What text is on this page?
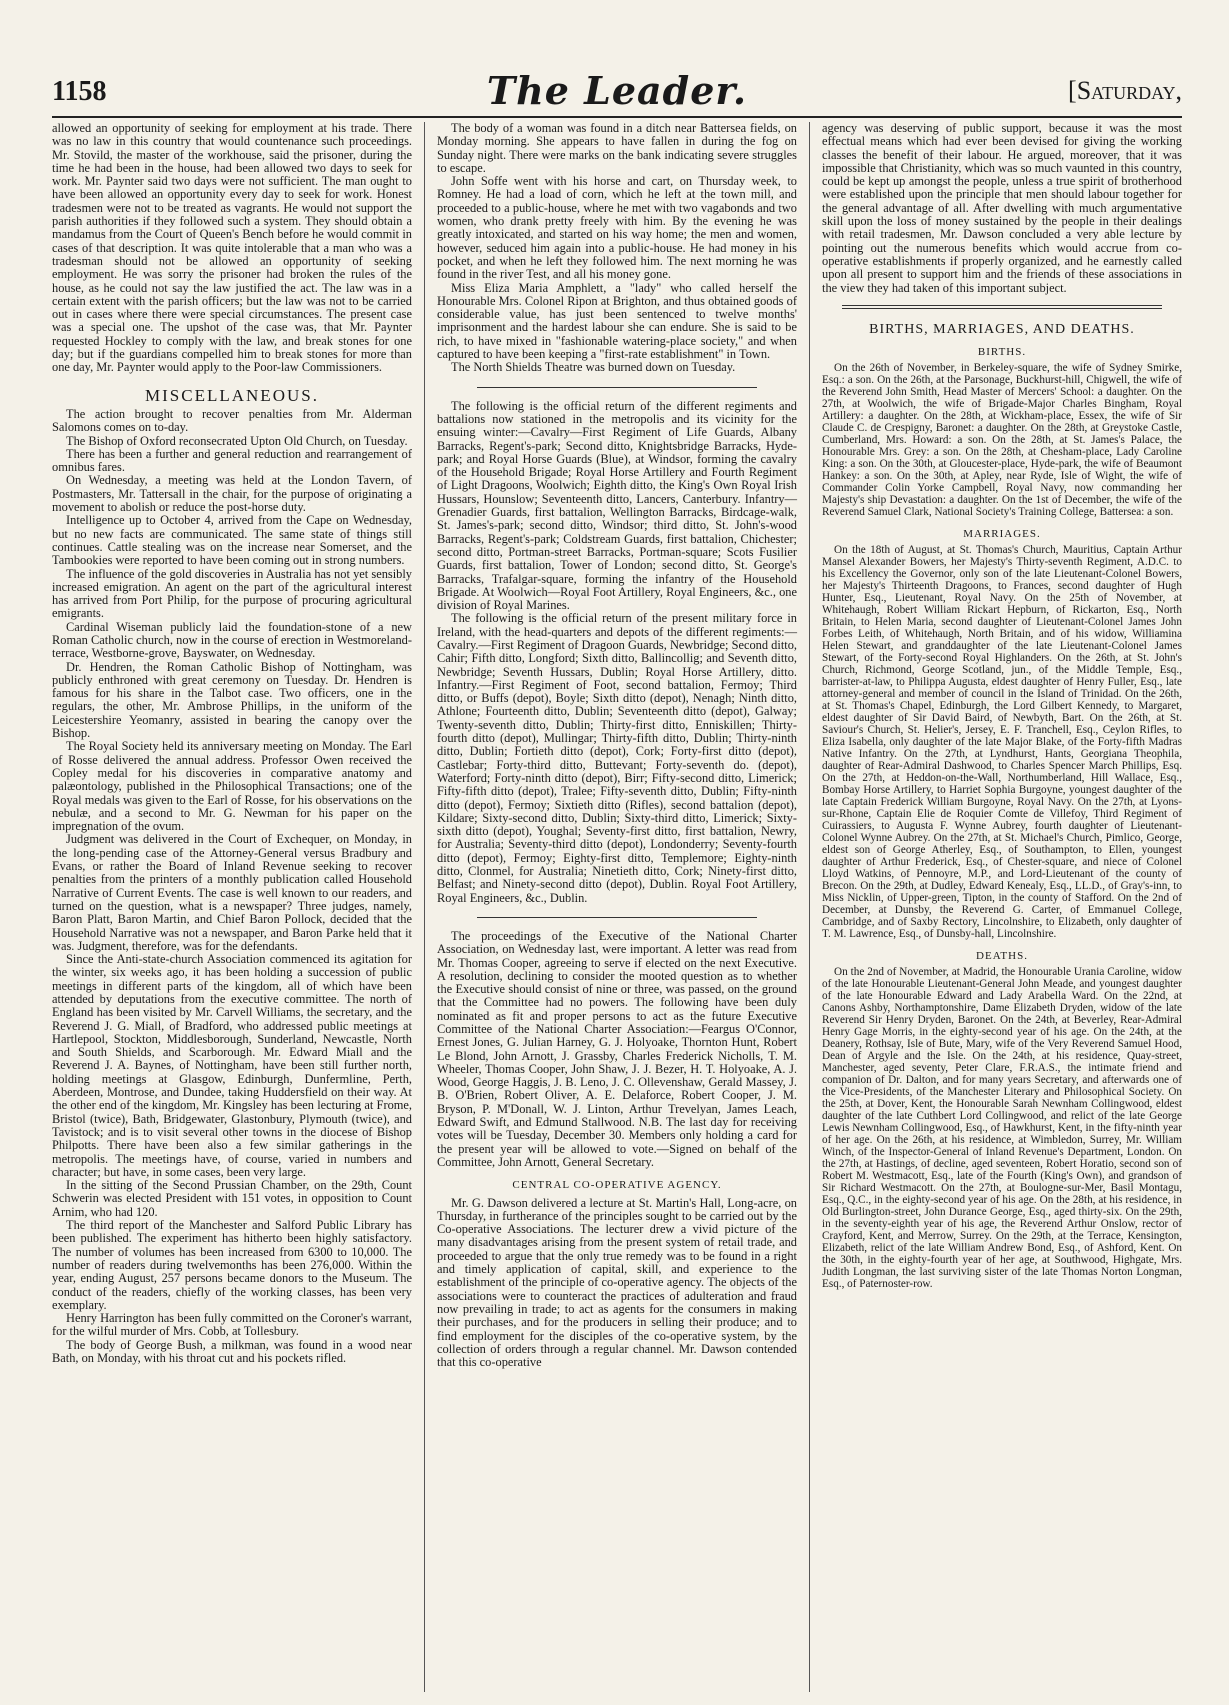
1158	The Leader.	[Saturday,

allowed an opportunity of seeking for employment at his trade. There was no law in this country that would countenance such proceedings. Mr. Stovild, the master of the workhouse, said the prisoner, during the time he had been in the house, had been allowed two days to seek for work. Mr. Paynter said two days were not sufficient. The man ought to have been allowed an opportunity every day to seek for work. Honest tradesmen were not to be treated as vagrants. He would not support the parish authorities if they followed such a system. They should obtain a mandamus from the Court of Queen's Bench before he would commit in cases of that description. It was quite intolerable that a man who was a tradesman should not be allowed an opportunity of seeking employment. He was sorry the prisoner had broken the rules of the house, as he could not say the law justified the act. The law was in a certain extent with the parish officers; but the law was not to be carried out in cases where there were special circumstances. The present case was a special one. The upshot of the case was, that Mr. Paynter requested Hockley to comply with the law, and break stones for one day; but if the guardians compelled him to break stones for more than one day, Mr. Paynter would apply to the Poor-law Commissioners.

MISCELLANEOUS.

The action brought to recover penalties from Mr. Alderman Salomons comes on to-day.

The Bishop of Oxford reconsecrated Upton Old Church, on Tuesday.

There has been a further and general reduction and rearrangement of omnibus fares.

On Wednesday, a meeting was held at the London Tavern, of Postmasters, Mr. Tattersall in the chair, for the purpose of originating a movement to abolish or reduce the post-horse duty.

Intelligence up to October 4, arrived from the Cape on Wednesday, but no new facts are communicated. The same state of things still continues. Cattle stealing was on the increase near Somerset, and the Tambookies were reported to have been coming out in strong numbers.

The influence of the gold discoveries in Australia has not yet sensibly increased emigration. An agent on the part of the agricultural interest has arrived from Port Philip, for the purpose of procuring agricultural emigrants.

Cardinal Wiseman publicly laid the foundation-stone of a new Roman Catholic church, now in the course of erection in Westmoreland-terrace, Westborne-grove, Bayswater, on Wednesday.

Dr. Hendren, the Roman Catholic Bishop of Nottingham, was publicly enthroned with great ceremony on Tuesday. Dr. Hendren is famous for his share in the Talbot case. Two officers, one in the regulars, the other, Mr. Ambrose Phillips, in the uniform of the Leicestershire Yeomanry, assisted in bearing the canopy over the Bishop.

The Royal Society held its anniversary meeting on Monday. The Earl of Rosse delivered the annual address. Professor Owen received the Copley medal for his discoveries in comparative anatomy and palæontology, published in the Philosophical Transactions; one of the Royal medals was given to the Earl of Rosse, for his observations on the nebulæ, and a second to Mr. G. Newman for his paper on the impregnation of the ovum.

Judgment was delivered in the Court of Exchequer, on Monday, in the long-pending case of the Attorney-General versus Bradbury and Evans, or rather the Board of Inland Revenue seeking to recover penalties from the printers of a monthly publication called Household Narrative of Current Events. The case is well known to our readers, and turned on the question, what is a newspaper? Three judges, namely, Baron Platt, Baron Martin, and Chief Baron Pollock, decided that the Household Narrative was not a newspaper, and Baron Parke held that it was. Judgment, therefore, was for the defendants.

Since the Anti-state-church Association commenced its agitation for the winter, six weeks ago, it has been holding a succession of public meetings in different parts of the kingdom, all of which have been attended by deputations from the executive committee. The north of England has been visited by Mr. Carvell Williams, the secretary, and the Reverend J. G. Miall, of Bradford, who addressed public meetings at Hartlepool, Stockton, Middlesborough, Sunderland, Newcastle, North and South Shields, and Scarborough. Mr. Edward Miall and the Reverend J. A. Baynes, of Nottingham, have been still further north, holding meetings at Glasgow, Edinburgh, Dunfermline, Perth, Aberdeen, Montrose, and Dundee, taking Huddersfield on their way. At the other end of the kingdom, Mr. Kingsley has been lecturing at Frome, Bristol (twice), Bath, Bridgewater, Glastonbury, Plymouth (twice), and Tavistock; and is to visit several other towns in the diocese of Bishop Philpotts. There have been also a few similar gatherings in the metropolis. The meetings have, of course, varied in numbers and character; but have, in some cases, been very large.

In the sitting of the Second Prussian Chamber, on the 29th, Count Schwerin was elected President with 151 votes, in opposition to Count Arnim, who had 120.

The third report of the Manchester and Salford Public Library has been published. The experiment has hitherto been highly satisfactory. The number of volumes has been increased from 6300 to 10,000. The number of readers during twelvemonths has been 276,000. Within the year, ending August, 257 persons became donors to the Museum. The conduct of the readers, chiefly of the working classes, has been very exemplary.

Henry Harrington has been fully committed on the Coroner's warrant, for the wilful murder of Mrs. Cobb, at Tollesbury.

The body of George Bush, a milkman, was found in a wood near Bath, on Monday, with his throat cut and his pockets rifled.

The body of a woman was found in a ditch near Battersea fields, on Monday morning. She appears to have fallen in during the fog on Sunday night. There were marks on the bank indicating severe struggles to escape.

John Soffe went with his horse and cart, on Thursday week, to Romney. He had a load of corn, which he left at the town mill, and proceeded to a public-house, where he met with two vagabonds and two women, who drank pretty freely with him. By the evening he was greatly intoxicated, and started on his way home; the men and women, however, seduced him again into a public-house. He had money in his pocket, and when he left they followed him. The next morning he was found in the river Test, and all his money gone.

Miss Eliza Maria Amphlett, a "lady" who called herself the Honourable Mrs. Colonel Ripon at Brighton, and thus obtained goods of considerable value, has just been sentenced to twelve months' imprisonment and the hardest labour she can endure. She is said to be rich, to have mixed in "fashionable watering-place society," and when captured to have been keeping a "first-rate establishment" in Town.

The North Shields Theatre was burned down on Tuesday.

The following is the official return of the different regiments and battalions now stationed in the metropolis and its vicinity for the ensuing winter:—Cavalry—First Regiment of Life Guards, Albany Barracks, Regent's-park; Second ditto, Knightsbridge Barracks, Hyde-park; and Royal Horse Guards (Blue), at Windsor, forming the cavalry of the Household Brigade; Royal Horse Artillery and Fourth Regiment of Light Dragoons, Woolwich; Eighth ditto, the King's Own Royal Irish Hussars, Hounslow; Seventeenth ditto, Lancers, Canterbury. Infantry—Grenadier Guards, first battalion, Wellington Barracks, Birdcage-walk, St. James's-park; second ditto, Windsor; third ditto, St. John's-wood Barracks, Regent's-park; Coldstream Guards, first battalion, Chichester; second ditto, Portman-street Barracks, Portman-square; Scots Fusilier Guards, first battalion, Tower of London; second ditto, St. George's Barracks, Trafalgar-square, forming the infantry of the Household Brigade. At Woolwich—Royal Foot Artillery, Royal Engineers, &c., one division of Royal Marines.

The following is the official return of the present military force in Ireland, with the head-quarters and depots of the different regiments:—Cavalry.—First Regiment of Dragoon Guards, Newbridge; Second ditto, Cahir; Fifth ditto, Longford; Sixth ditto, Ballincollig; and Seventh ditto, Newbridge; Seventh Hussars, Dublin; Royal Horse Artillery, ditto. Infantry.—First Regiment of Foot, second battalion, Fermoy; Third ditto, or Buffs (depot), Boyle; Sixth ditto (depot), Nenagh; Ninth ditto, Athlone; Fourteenth ditto, Dublin; Seventeenth ditto (depot), Galway; Twenty-seventh ditto, Dublin; Thirty-first ditto, Enniskillen; Thirty-fourth ditto (depot), Mullingar; Thirty-fifth ditto, Dublin; Thirty-ninth ditto, Dublin; Fortieth ditto (depot), Cork; Forty-first ditto (depot), Castlebar; Forty-third ditto, Buttevant; Forty-seventh do. (depot), Waterford; Forty-ninth ditto (depot), Birr; Fifty-second ditto, Limerick; Fifty-fifth ditto (depot), Tralee; Fifty-seventh ditto, Dublin; Fifty-ninth ditto (depot), Fermoy; Sixtieth ditto (Rifles), second battalion (depot), Kildare; Sixty-second ditto, Dublin; Sixty-third ditto, Limerick; Sixty-sixth ditto (depot), Youghal; Seventy-first ditto, first battalion, Newry, for Australia; Seventy-third ditto (depot), Londonderry; Seventy-fourth ditto (depot), Fermoy; Eighty-first ditto, Templemore; Eighty-ninth ditto, Clonmel, for Australia; Ninetieth ditto, Cork; Ninety-first ditto, Belfast; and Ninety-second ditto (depot), Dublin. Royal Foot Artillery, Royal Engineers, &c., Dublin.

The proceedings of the Executive of the National Charter Association, on Wednesday last, were important. A letter was read from Mr. Thomas Cooper, agreeing to serve if elected on the next Executive. A resolution, declining to consider the mooted question as to whether the Executive should consist of nine or three, was passed, on the ground that the Committee had no powers. The following have been duly nominated as fit and proper persons to act as the future Executive Committee of the National Charter Association:—Feargus O'Connor, Ernest Jones, G. Julian Harney, G. J. Holyoake, Thornton Hunt, Robert Le Blond, John Arnott, J. Grassby, Charles Frederick Nicholls, T. M. Wheeler, Thomas Cooper, John Shaw, J. J. Bezer, H. T. Holyoake, A. J. Wood, George Haggis, J. B. Leno, J. C. Ollevenshaw, Gerald Massey, J. B. O'Brien, Robert Oliver, A. E. Delaforce, Robert Cooper, J. M. Bryson, P. M'Donall, W. J. Linton, Arthur Trevelyan, James Leach, Edward Swift, and Edmund Stallwood. N.B. The last day for receiving votes will be Tuesday, December 30. Members only holding a card for the present year will be allowed to vote.—Signed on behalf of the Committee, John Arnott, General Secretary.

CENTRAL CO-OPERATIVE AGENCY.

Mr. G. Dawson delivered a lecture at St. Martin's Hall, Long-acre, on Thursday, in furtherance of the principles sought to be carried out by the Co-operative Associations. The lecturer drew a vivid picture of the many disadvantages arising from the present system of retail trade, and proceeded to argue that the only true remedy was to be found in a right and timely application of capital, skill, and experience to the establishment of the principle of co-operative agency. The objects of the associations were to counteract the practices of adulteration and fraud now prevailing in trade; to act as agents for the consumers in making their purchases, and for the producers in selling their produce; and to find employment for the disciples of the co-operative system, by the collection of orders through a regular channel. Mr. Dawson contended that this co-operative

agency was deserving of public support, because it was the most effectual means which had ever been devised for giving the working classes the benefit of their labour. He argued, moreover, that it was impossible that Christianity, which was so much vaunted in this country, could be kept up amongst the people, unless a true spirit of brotherhood were established upon the principle that men should labour together for the general advantage of all. After dwelling with much argumentative skill upon the loss of money sustained by the people in their dealings with retail tradesmen, Mr. Dawson concluded a very able lecture by pointing out the numerous benefits which would accrue from co-operative establishments if properly organized, and he earnestly called upon all present to support him and the friends of these associations in the view they had taken of this important subject.

BIRTHS, MARRIAGES, AND DEATHS.
BIRTHS.

On the 26th of November, in Berkeley-square, the wife of Sydney Smirke, Esq.: a son. On the 26th, at the Parsonage, Buckhurst-hill, Chigwell, the wife of the Reverend John Smith, Head Master of Mercers' School: a daughter. On the 27th, at Woolwich, the wife of Brigade-Major Charles Bingham, Royal Artillery: a daughter. On the 28th, at Wickham-place, Essex, the wife of Sir Claude C. de Crespigny, Baronet: a daughter. On the 28th, at Greystoke Castle, Cumberland, Mrs. Howard: a son. On the 28th, at St. James's Palace, the Honourable Mrs. Grey: a son. On the 28th, at Chesham-place, Lady Caroline King: a son. On the 30th, at Gloucester-place, Hyde-park, the wife of Beaumont Hankey: a son. On the 30th, at Apley, near Ryde, Isle of Wight, the wife of Commander Colin Yorke Campbell, Royal Navy, now commanding her Majesty's ship Devastation: a daughter. On the 1st of December, the wife of the Reverend Samuel Clark, National Society's Training College, Battersea: a son.

MARRIAGES.

On the 18th of August, at St. Thomas's Church, Mauritius, Captain Arthur Mansel Alexander Bowers, her Majesty's Thirty-seventh Regiment, A.D.C. to his Excellency the Governor, only son of the late Lieutenant-Colonel Bowers, her Majesty's Thirteenth Dragoons, to Frances, second daughter of Hugh Hunter, Esq., Lieutenant, Royal Navy. On the 25th of November, at Whitehaugh, Robert William Rickart Hepburn, of Rickarton, Esq., North Britain, to Helen Maria, second daughter of Lieutenant-Colonel James John Forbes Leith, of Whitehaugh, North Britain, and of his widow, Williamina Helen Stewart, and granddaughter of the late Lieutenant-Colonel James Stewart, of the Forty-second Royal Highlanders. On the 26th, at St. John's Church, Richmond, George Scotland, jun., of the Middle Temple, Esq., barrister-at-law, to Philippa Augusta, eldest daughter of Henry Fuller, Esq., late attorney-general and member of council in the Island of Trinidad. On the 26th, at St. Thomas's Chapel, Edinburgh, the Lord Gilbert Kennedy, to Margaret, eldest daughter of Sir David Baird, of Newbyth, Bart. On the 26th, at St. Saviour's Church, St. Helier's, Jersey, E. F. Tranchell, Esq., Ceylon Rifles, to Eliza Isabella, only daughter of the late Major Blake, of the Forty-fifth Madras Native Infantry. On the 27th, at Lyndhurst, Hants, Georgiana Theophila, daughter of Rear-Admiral Dashwood, to Charles Spencer March Phillips, Esq. On the 27th, at Heddon-on-the-Wall, Northumberland, Hill Wallace, Esq., Bombay Horse Artillery, to Harriet Sophia Burgoyne, youngest daughter of the late Captain Frederick William Burgoyne, Royal Navy. On the 27th, at Lyons-sur-Rhone, Captain Elie de Roquier Comte de Villefoy, Third Regiment of Cuirassiers, to Augusta F. Wynne Aubrey, fourth daughter of Lieutenant-Colonel Wynne Aubrey. On the 27th, at St. Michael's Church, Pimlico, George, eldest son of George Atherley, Esq., of Southampton, to Ellen, youngest daughter of Arthur Frederick, Esq., of Chester-square, and niece of Colonel Lloyd Watkins, of Pennoyre, M.P., and Lord-Lieutenant of the county of Brecon. On the 29th, at Dudley, Edward Kenealy, Esq., LL.D., of Gray's-inn, to Miss Nicklin, of Upper-green, Tipton, in the county of Stafford. On the 2nd of December, at Dunsby, the Reverend G. Carter, of Emmanuel College, Cambridge, and of Saxby Rectory, Lincolnshire, to Elizabeth, only daughter of T. M. Lawrence, Esq., of Dunsby-hall, Lincolnshire.

DEATHS.

On the 2nd of November, at Madrid, the Honourable Urania Caroline, widow of the late Honourable Lieutenant-General John Meade, and youngest daughter of the late Honourable Edward and Lady Arabella Ward. On the 22nd, at Canons Ashby, Northamptonshire, Dame Elizabeth Dryden, widow of the late Reverend Sir Henry Dryden, Baronet. On the 24th, at Beverley, Rear-Admiral Henry Gage Morris, in the eighty-second year of his age. On the 24th, at the Deanery, Rothsay, Isle of Bute, Mary, wife of the Very Reverend Samuel Hood, Dean of Argyle and the Isle. On the 24th, at his residence, Quay-street, Manchester, aged seventy, Peter Clare, F.R.A.S., the intimate friend and companion of Dr. Dalton, and for many years Secretary, and afterwards one of the Vice-Presidents, of the Manchester Literary and Philosophical Society. On the 25th, at Dover, Kent, the Honourable Sarah Newnham Collingwood, eldest daughter of the late Cuthbert Lord Collingwood, and relict of the late George Lewis Newnham Collingwood, Esq., of Hawkhurst, Kent, in the fifty-ninth year of her age. On the 26th, at his residence, at Wimbledon, Surrey, Mr. William Winch, of the Inspector-General of Inland Revenue's Department, London. On the 27th, at Hastings, of decline, aged seventeen, Robert Horatio, second son of Robert M. Westmacott, Esq., late of the Fourth (King's Own), and grandson of Sir Richard Westmacott. On the 27th, at Boulogne-sur-Mer, Basil Montagu, Esq., Q.C., in the eighty-second year of his age. On the 28th, at his residence, in Old Burlington-street, John Durance George, Esq., aged thirty-six. On the 29th, in the seventy-eighth year of his age, the Reverend Arthur Onslow, rector of Crayford, Kent, and Merrow, Surrey. On the 29th, at the Terrace, Kensington, Elizabeth, relict of the late William Andrew Bond, Esq., of Ashford, Kent. On the 30th, in the eighty-fourth year of her age, at Southwood, Highgate, Mrs. Judith Longman, the last surviving sister of the late Thomas Norton Longman, Esq., of Paternoster-row.
